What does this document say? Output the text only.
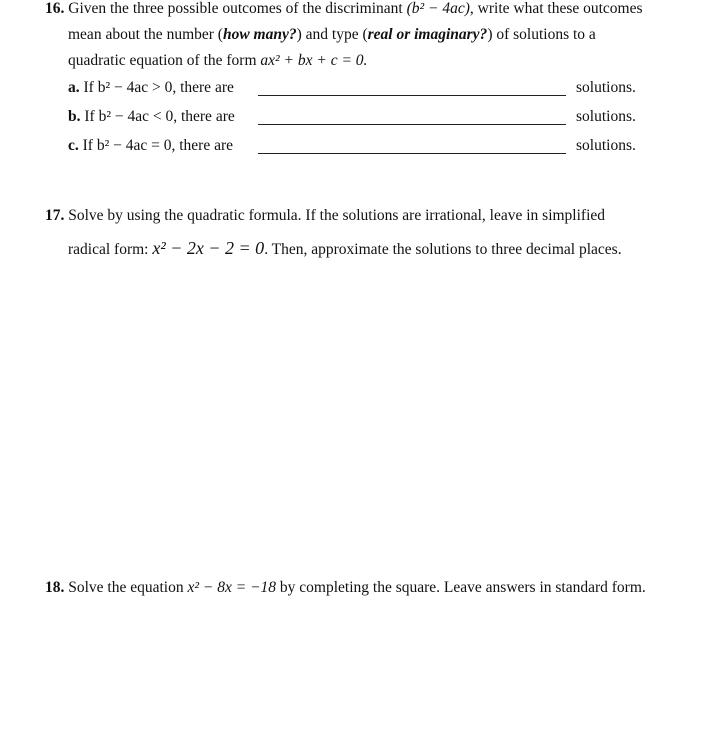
16. Given the three possible outcomes of the discriminant (b² − 4ac), write what these outcomes
mean about the number (how many?) and type (real or imaginary?) of solutions to a
quadratic equation of the form ax² + bx + c = 0.
a. If b² − 4ac > 0, there are	solutions.
b. If b² − 4ac < 0, there are	solutions.
c. If b² − 4ac = 0, there are	solutions.
17. Solve by using the quadratic formula. If the solutions are irrational, leave in simplified
radical form: x² − 2x − 2 = 0. Then, approximate the solutions to three decimal places.
18. Solve the equation x² − 8x = −18 by completing the square. Leave answers in standard form.
